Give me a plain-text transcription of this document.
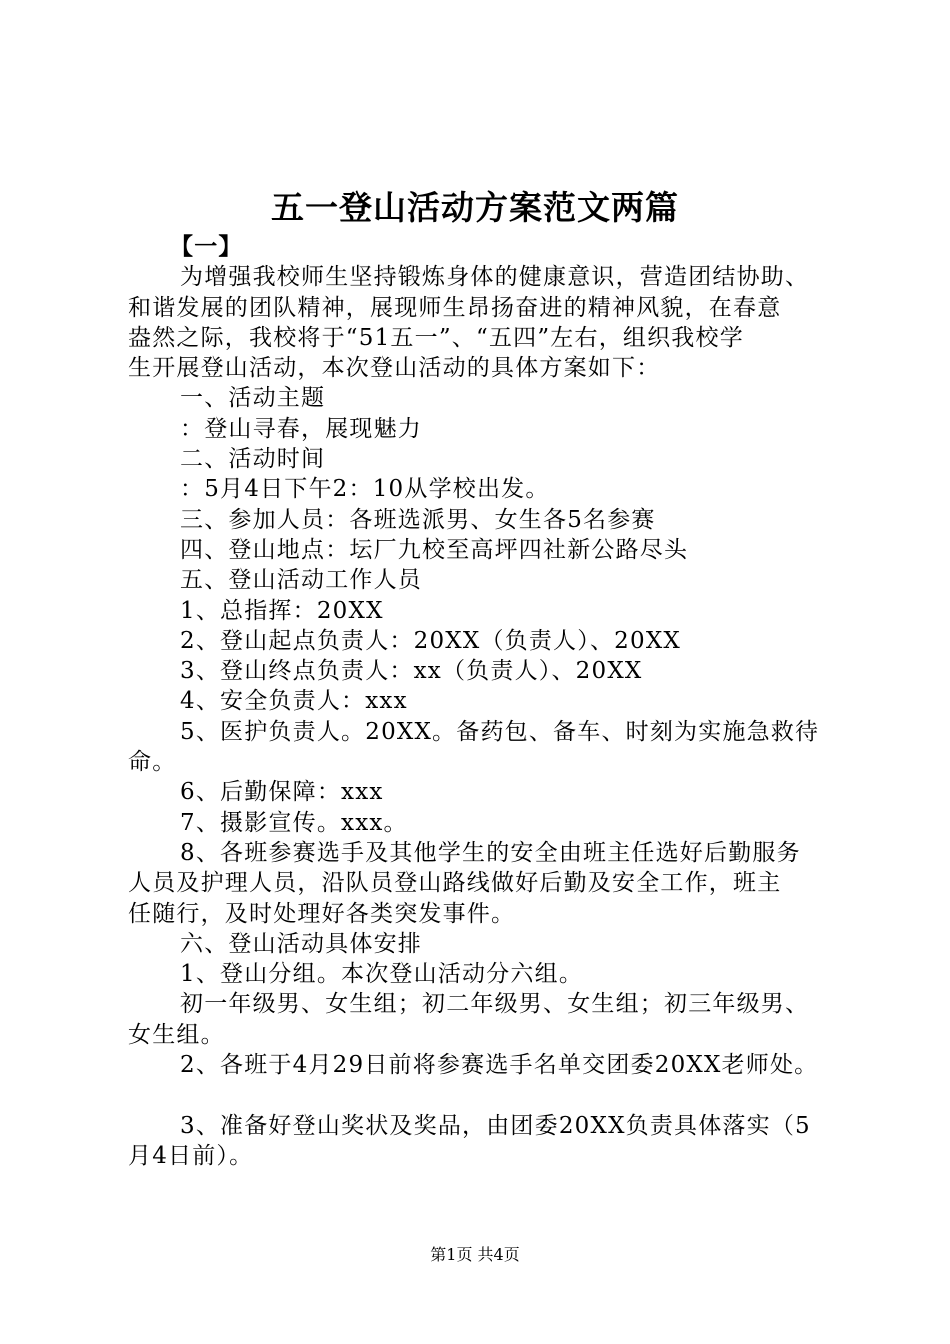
五一登山活动方案范文两篇
【一】
为增强我校师生坚持锻炼身体的健康意识，营造团结协助、
和谐发展的团队精神，展现师生昂扬奋进的精神风貌，在春意
盎然之际，我校将于“51五一”、“五四”左右，组织我校学
生开展登山活动，本次登山活动的具体方案如下：
一、活动主题
：登山寻春，展现魅力
二、活动时间
：5月4日下午2：10从学校出发。
三、参加人员：各班选派男、女生各5名参赛
四、登山地点：坛厂九校至高坪四社新公路尽头
五、登山活动工作人员
1、总指挥：20XX
2、登山起点负责人：20XX（负责人）、20XX
3、登山终点负责人：xx（负责人）、20XX
4、安全负责人：xxx
5、医护负责人。20XX。备药包、备车、时刻为实施急救待
命。
6、后勤保障：xxx
7、摄影宣传。xxx。
8、各班参赛选手及其他学生的安全由班主任选好后勤服务
人员及护理人员，沿队员登山路线做好后勤及安全工作，班主
任随行，及时处理好各类突发事件。
六、登山活动具体安排
1、登山分组。本次登山活动分六组。
初一年级男、女生组；初二年级男、女生组；初三年级男、
女生组。
2、各班于4月29日前将参赛选手名单交团委20XX老师处。
3、准备好登山奖状及奖品，由团委20XX负责具体落实（5
月4日前）。
第1页 共4页
